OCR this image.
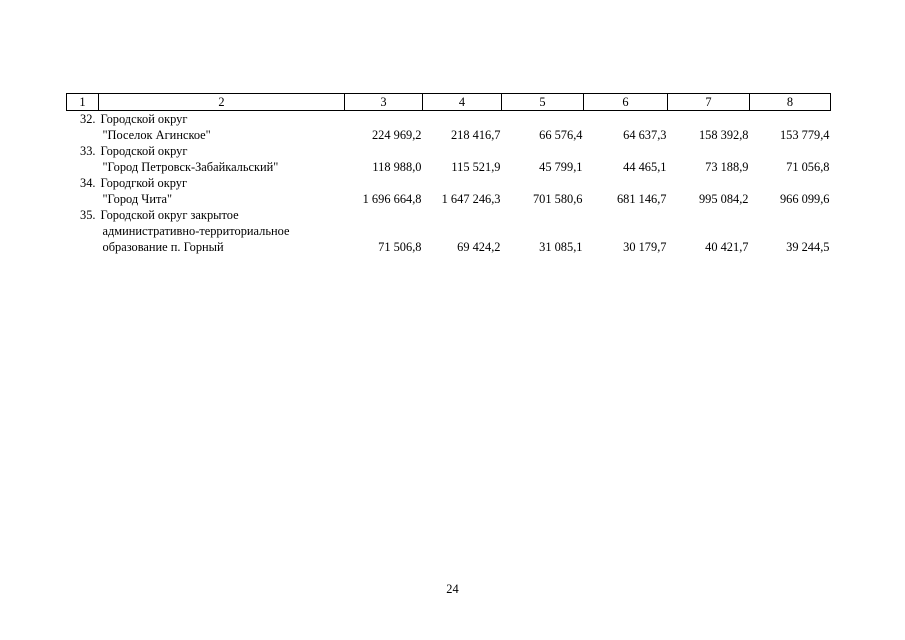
1	2	3	4	5	6	7	8
32.	Городской округ
"Поселок Агинское"	224 969,2	218 416,7	66 576,4	64 637,3	158 392,8	153 779,4
33.	Городской округ
"Город Петровск-Забайкальский"	118 988,0	115 521,9	45 799,1	44 465,1	73 188,9	71 056,8
34.	Городгкой округ
"Город Чита"	1 696 664,8	1 647 246,3	701 580,6	681 146,7	995 084,2	966 099,6
35.	Городской округ закрытое
административно-территориальное
образование п. Горный	71 506,8	69 424,2	31 085,1	30 179,7	40 421,7	39 244,5
24
